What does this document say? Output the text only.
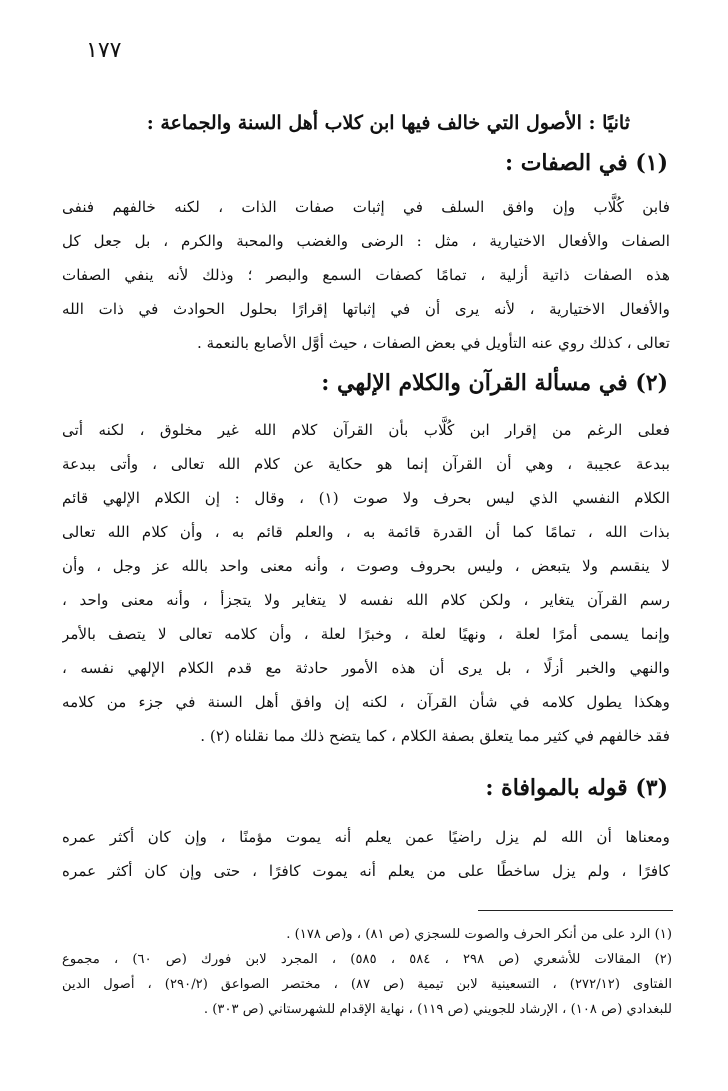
١٧٧
ثانيًا : الأصول التي خالف فيها ابن كلاب أهل السنة والجماعة :
(١) في الصفات :
فابن كُلَّاب وإن وافق السلف في إثبات صفات الذات ، لكنه خالفهم فنفى
الصفات والأفعال الاختيارية ، مثل : الرضى والغضب والمحبة والكرم ، بل جعل كل
هذه الصفات ذاتية أزلية ، تمامًا كصفات السمع والبصر ؛ وذلك لأنه ينفي الصفات
والأفعال الاختيارية ، لأنه يرى أن في إثباتها إقرارًا بحلول الحوادث في ذات الله
تعالى ، كذلك روي عنه التأويل في بعض الصفات ، حيث أوَّل الأصابع بالنعمة .
(٢) في مسألة القرآن والكلام الإلهي :
فعلى الرغم من إقرار ابن كُلَّاب بأن القرآن كلام الله غير مخلوق ، لكنه أتى
ببدعة عجيبة ، وهي أن القرآن إنما هو حكاية عن كلام الله تعالى ، وأتى ببدعة
الكلام النفسي الذي ليس بحرف ولا صوت (١) ، وقال : إن الكلام الإلهي قائم
بذات الله ، تمامًا كما أن القدرة قائمة به ، والعلم قائم به ، وأن كلام الله تعالى
لا ينقسم ولا يتبعض ، وليس بحروف وصوت ، وأنه معنى واحد بالله عز وجل ، وأن
رسم القرآن يتغاير ، ولكن كلام الله نفسه لا يتغاير ولا يتجزأ ، وأنه معنى واحد ،
وإنما يسمى أمرًا لعلة ، ونهيًا لعلة ، وخبرًا لعلة ، وأن كلامه تعالى لا يتصف بالأمر
والنهي والخبر أزلًا ، بل يرى أن هذه الأمور حادثة مع قدم الكلام الإلهي نفسه ،
وهكذا يطول كلامه في شأن القرآن ، لكنه إن وافق أهل السنة في جزء من كلامه
فقد خالفهم في كثير مما يتعلق بصفة الكلام ، كما يتضح ذلك مما نقلناه (٢) .
(٣) قوله بالموافاة :
ومعناها أن الله لم يزل راضيًا عمن يعلم أنه يموت مؤمنًا ، وإن كان أكثر عمره
كافرًا ، ولم يزل ساخطًا على من يعلم أنه يموت كافرًا ، حتى وإن كان أكثر عمره
(١) الرد على من أنكر الحرف والصوت للسجزي (ص ٨١) ، و(ص ١٧٨) .
(٢) المقالات للأشعري (ص ٢٩٨ ، ٥٨٤ ، ٥٨٥) ، المجرد لابن فورك (ص ٦٠) ، مجموع
الفتاوى (٢٧٢/١٢) ، التسعينية لابن تيمية (ص ٨٧) ، مختصر الصواعق (٢٩٠/٢) ، أصول الدين
للبغدادي (ص ١٠٨) ، الإرشاد للجويني (ص ١١٩) ، نهاية الإقدام للشهرستاني (ص ٣٠٣) .
